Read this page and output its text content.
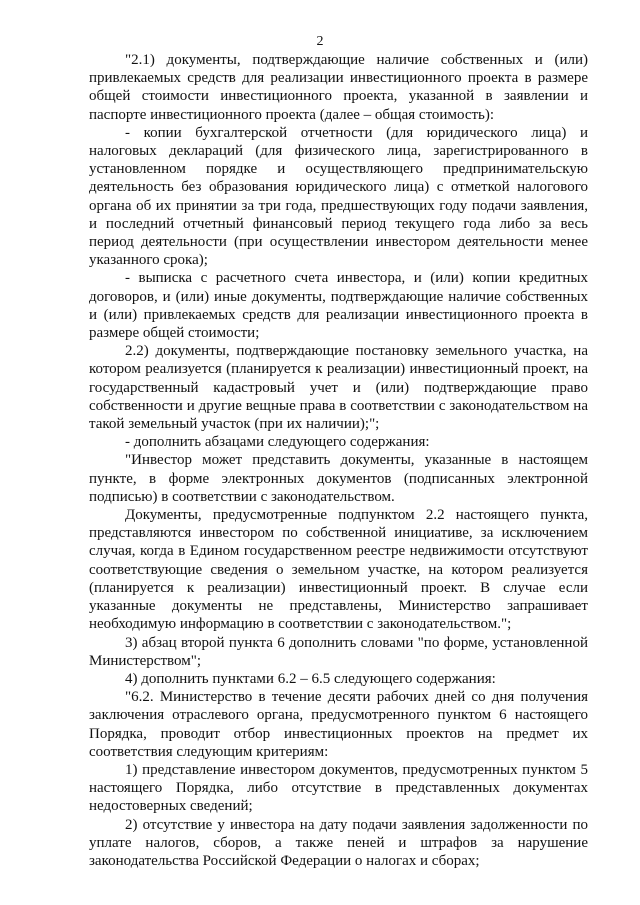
2

"2.1) документы, подтверждающие наличие собственных и (или) привлекаемых средств для реализации инвестиционного проекта в размере общей стоимости инвестиционного проекта, указанной в заявлении и паспорте инвестиционного проекта (далее – общая стоимость):

- копии бухгалтерской отчетности (для юридического лица) и налоговых деклараций (для физического лица, зарегистрированного в установленном порядке и осуществляющего предпринимательскую деятельность без образования юридического лица) с отметкой налогового органа об их принятии за три года, предшествующих году подачи заявления, и последний отчетный финансовый период текущего года либо за весь период деятельности (при осуществлении инвестором деятельности менее указанного срока);

- выписка с расчетного счета инвестора, и (или) копии кредитных договоров, и (или) иные документы, подтверждающие наличие собственных и (или) привлекаемых средств для реализации инвестиционного проекта в размере общей стоимости;

2.2) документы, подтверждающие постановку земельного участка, на котором реализуется (планируется к реализации) инвестиционный проект, на государственный кадастровый учет и (или) подтверждающие право собственности и другие вещные права в соответствии с законодательством на такой земельный участок (при их наличии);";

- дополнить абзацами следующего содержания:

"Инвестор может представить документы, указанные в настоящем пункте, в форме электронных документов (подписанных электронной подписью) в соответствии с законодательством.

Документы, предусмотренные подпунктом 2.2 настоящего пункта, представляются инвестором по собственной инициативе, за исключением случая, когда в Едином государственном реестре недвижимости отсутствуют соответствующие сведения о земельном участке, на котором реализуется (планируется к реализации) инвестиционный проект. В случае если указанные документы не представлены, Министерство запрашивает необходимую информацию в соответствии с законодательством.";

3) абзац второй пункта 6 дополнить словами "по форме, установленной Министерством";

4) дополнить пунктами 6.2 – 6.5 следующего содержания:

"6.2. Министерство в течение десяти рабочих дней со дня получения заключения отраслевого органа, предусмотренного пунктом 6 настоящего Порядка, проводит отбор инвестиционных проектов на предмет их соответствия следующим критериям:

1) представление инвестором документов, предусмотренных пунктом 5 настоящего Порядка, либо отсутствие в представленных документах недостоверных сведений;

2) отсутствие у инвестора на дату подачи заявления задолженности по уплате налогов, сборов, а также пеней и штрафов за нарушение законодательства Российской Федерации о налогах и сборах;
